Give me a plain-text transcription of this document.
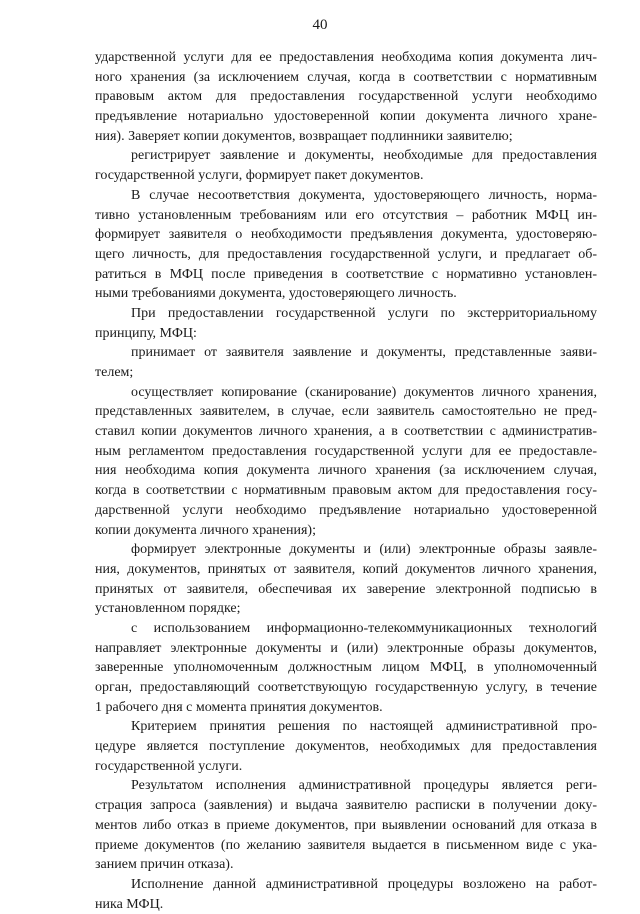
40
ударственной услуги для ее предоставления необходима копия документа лич-
ного хранения (за исключением случая, когда в соответствии с нормативным
правовым актом для предоставления государственной услуги необходимо
предъявление нотариально удостоверенной копии документа личного хране-
ния). Заверяет копии документов, возвращает подлинники заявителю;
регистрирует заявление и документы, необходимые для предоставления
государственной услуги, формирует пакет документов.
В случае несоответствия документа, удостоверяющего личность, норма-
тивно установленным требованиям или его отсутствия – работник МФЦ ин-
формирует заявителя о необходимости предъявления документа, удостоверяю-
щего личность, для предоставления государственной услуги, и предлагает об-
ратиться в МФЦ после приведения в соответствие с нормативно установлен-
ными требованиями документа, удостоверяющего личность.
При предоставлении государственной услуги по экстерриториальному
принципу, МФЦ:
принимает от заявителя заявление и документы, представленные заяви-
телем;
осуществляет копирование (сканирование) документов личного хранения,
представленных заявителем, в случае, если заявитель самостоятельно не пред-
ставил копии документов личного хранения, а в соответствии с административ-
ным регламентом предоставления государственной услуги для ее предоставле-
ния необходима копия документа личного хранения (за исключением случая,
когда в соответствии с нормативным правовым актом для предоставления госу-
дарственной услуги необходимо предъявление нотариально удостоверенной
копии документа личного хранения);
формирует электронные документы и (или) электронные образы заявле-
ния, документов, принятых от заявителя, копий документов личного хранения,
принятых от заявителя, обеспечивая их заверение электронной подписью в
установленном порядке;
с использованием информационно-телекоммуникационных технологий
направляет электронные документы и (или) электронные образы документов,
заверенные уполномоченным должностным лицом МФЦ, в уполномоченный
орган, предоставляющий соответствующую государственную услугу, в течение
1 рабочего дня с момента принятия документов.
Критерием принятия решения по настоящей административной про-
цедуре является поступление документов, необходимых для предоставления
государственной услуги.
Результатом исполнения административной процедуры является реги-
страция запроса (заявления) и выдача заявителю расписки в получении доку-
ментов либо отказ в приеме документов, при выявлении оснований для отказа в
приеме документов (по желанию заявителя выдается в письменном виде с ука-
занием причин отказа).
Исполнение данной административной процедуры возложено на работ-
ника МФЦ.
